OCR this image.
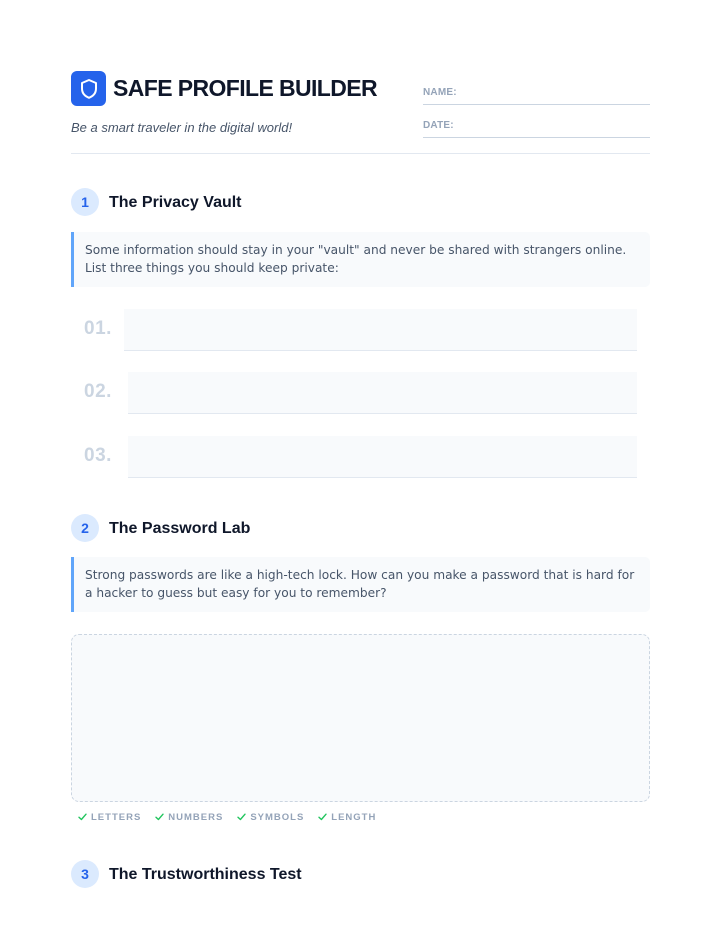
SAFE PROFILE BUILDER
Be a smart traveler in the digital world!
NAME:
DATE:
1	The Privacy Vault
Some information should stay in your "vault" and never be shared with strangers online. List three things you should keep private:
01.
02.
03.
2	The Password Lab
Strong passwords are like a high-tech lock. How can you make a password that is hard for a hacker to guess but easy for you to remember?
LETTERS	NUMBERS	SYMBOLS	LENGTH
3	The Trustworthiness Test
